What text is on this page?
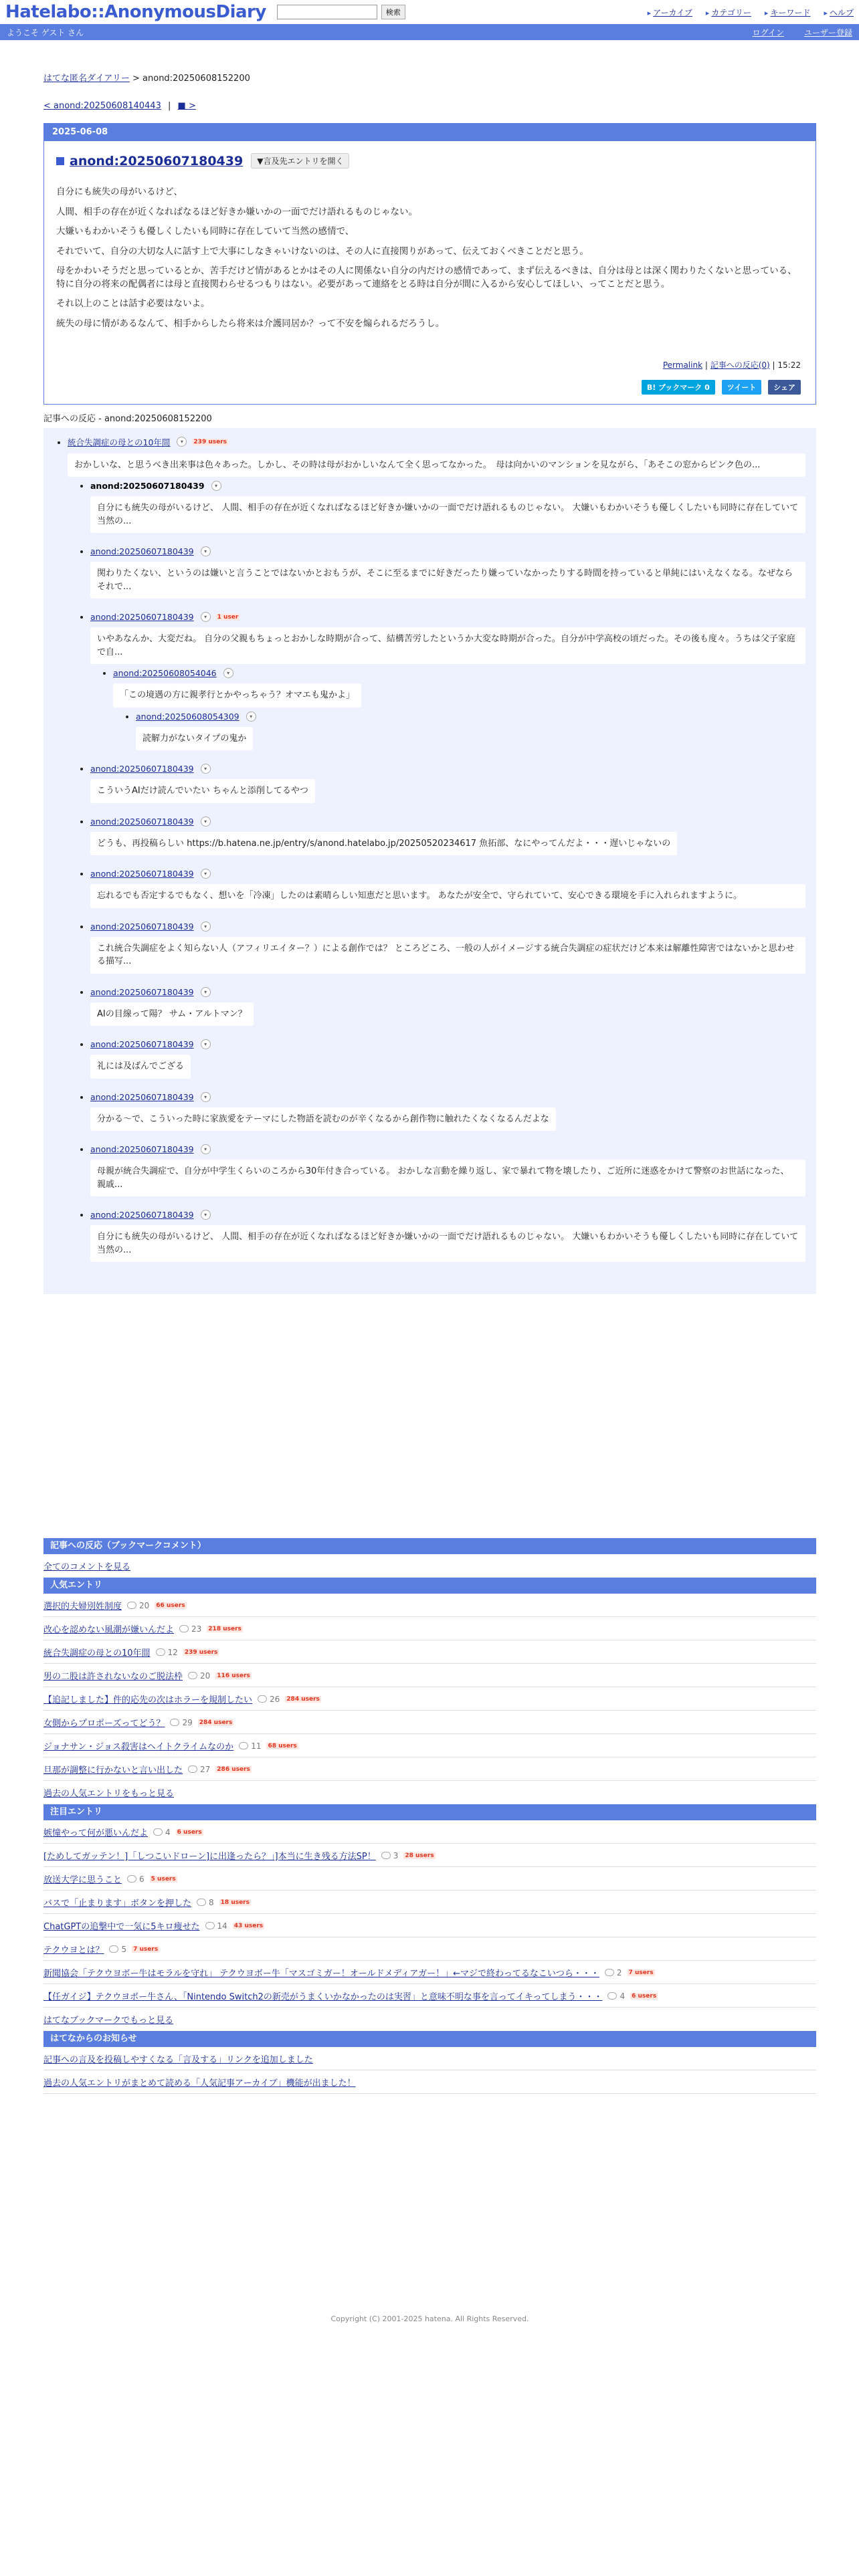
Hatelabo::AnonymousDiary	検索	▸ アーカイブ	▸ カテゴリー	▸ キーワード	▸ ヘルプ
ようこそ ゲスト さん	ログイン	ユーザー登録
はてな匿名ダイアリー > anond:20250608152200
< anond:20250608140443 | ■ >
2025-06-08
anond:20250607180439	▼言及先エントリを開く

自分にも統失の母がいるけど、

人間、相手の存在が近くなればなるほど好きか嫌いかの一面でだけ語れるものじゃない。

大嫌いもわかいそうも優しくしたいも同時に存在していて当然の感情で、

それでいて、自分の大切な人に話す上で大事にしなきゃいけないのは、その人に直接関りがあって、伝えておくべきことだと思う。

母をかわいそうだと思っているとか、苦手だけど情があるとかはその人に関係ない自分の内だけの感情であって、まず伝えるべきは、自分は母とは深く関わりたくないと思っている、特に自分の将来の配偶者には母と直接関わらせるつもりはない。必要があって連絡をとる時は自分が間に入るから安心してほしい、ってことだと思う。

それ以上のことは話す必要はないよ。

統失の母に情があるなんて、相手からしたら将来は介護同居か？って不安を煽られるだろうし。

Permalink | 記事への反応(0) | 15:22
B! ブックマーク 0	ツイート	シェア
記事への反応 - anond:20250608152200
• 統合失調症の母との10年間	▾	239 users
おかしいな、と思うべき出来事は色々あった。しかし、その時は母がおかしいなんて全く思ってなかった。　母は向かいのマンションを見ながら、「あそこの窓からピンク色の...
• anond:20250607180439	▾
自分にも統失の母がいるけど、 人間、相手の存在が近くなればなるほど好きか嫌いかの一面でだけ語れるものじゃない。 大嫌いもわかいそうも優しくしたいも同時に存在していて当然の...
• anond:20250607180439	▾
関わりたくない、というのは嫌いと言うことではないかとおもうが、そこに至るまでに好きだったり嫌っていなかったりする時間を持っていると単純にはいえなくなる。なぜならそれで...
• anond:20250607180439	▾	1 user
いやあなんか、大変だね。 自分の父親もちょっとおかしな時期が合って、結構苦労したというか大変な時期が合った。自分が中学高校の頃だった。その後も度々。うちは父子家庭で自...
• anond:20250608054046	▾
「この境遇の方に親孝行とかやっちゃう？オマエも鬼かよ」
• anond:20250608054309	▾
読解力がないタイプの鬼か
• anond:20250607180439	▾
こういうAIだけ読んでいたい ちゃんと添削してるやつ
• anond:20250607180439	▾
どうも、再投稿らしい https://b.hatena.ne.jp/entry/s/anond.hatelabo.jp/20250520234617 魚拓部、なにやってんだよ・・・遅いじゃないの
• anond:20250607180439	▾
忘れるでも否定するでもなく、想いを「冷凍」したのは素晴らしい知恵だと思います。 あなたが安全で、守られていて、安心できる環境を手に入れられますように。
• anond:20250607180439	▾
これ統合失調症をよく知らない人（アフィリエイター？）による創作では？ ところどころ、一般の人がイメージする統合失調症の症状だけど本来は解離性障害ではないかと思わせる描写...
• anond:20250607180439	▾
AIの目線って陽？ サム・アルトマン？
• anond:20250607180439	▾
礼には及ばんでござる
• anond:20250607180439	▾
分かる〜で、こういった時に家族愛をテーマにした物語を読むのが辛くなるから創作物に触れたくなくなるんだよな
• anond:20250607180439	▾
母親が統合失調症で、自分が中学生くらいのころから30年付き合っている。 おかしな言動を繰り返し、家で暴れて物を壊したり、ご近所に迷惑をかけて警察のお世話になった、 親戚...
• anond:20250607180439	▾
自分にも統失の母がいるけど、 人間、相手の存在が近くなればなるほど好きか嫌いかの一面でだけ語れるものじゃない。 大嫌いもわかいそうも優しくしたいも同時に存在していて当然の...
記事への反応（ブックマークコメント）
全てのコメントを見る
人気エントリ
選択的夫婦別姓制度 20 66 users
改心を認めない風潮が嫌いんだよ 23 218 users
統合失調症の母との10年間 12 239 users
男の二股は許されないなのご脱法枠 20 116 users
【追記しました】件的応先の次はホラーを規制したい 26 284 users
女側からプロポーズってどう？ 29 284 users
ジョナサン・ジョス殺害はヘイトクライムなのか 11 68 users
旦那が調整に行かないと言い出した 27 286 users
過去の人気エントリをもっと見る
注目エントリ
嫉憧やって何が悪いんだよ 4 6 users
[ためしてガッテン！]「しつこいドローン]に出逢ったら？」]本当に生き残る方法SP！ 3 28 users
放送大学に思うこと 6 5 users
バスで「止まります」ボタンを押した 8 18 users
ChatGPTの追撃中で一気に5キロ痩せた 14 43 users
テクウヨとは？ 5 7 users
新聞協会「テクウヨボー牛はモラルを守れ」 テクウヨボー牛「マスゴミガー！オールドメディアガー！」←マジで終わってるなこいつら・・・ 2 7 users
【任ガイジ】テクウヨボー牛さん、「Nintendo Switch2の新売がうまくいかなかったのは実習」と意味不明な事を言ってイキってしまう・・・ 4 6 users
はてなブックマークでもっと見る
はてなからのお知らせ
記事への言及を投稿しやすくなる「言及する」リンクを追加しました
過去の人気エントリがまとめて読める「人気記事アーカイブ」機能が出ました！
Copyright (C) 2001-2025 hatena. All Rights Reserved.
